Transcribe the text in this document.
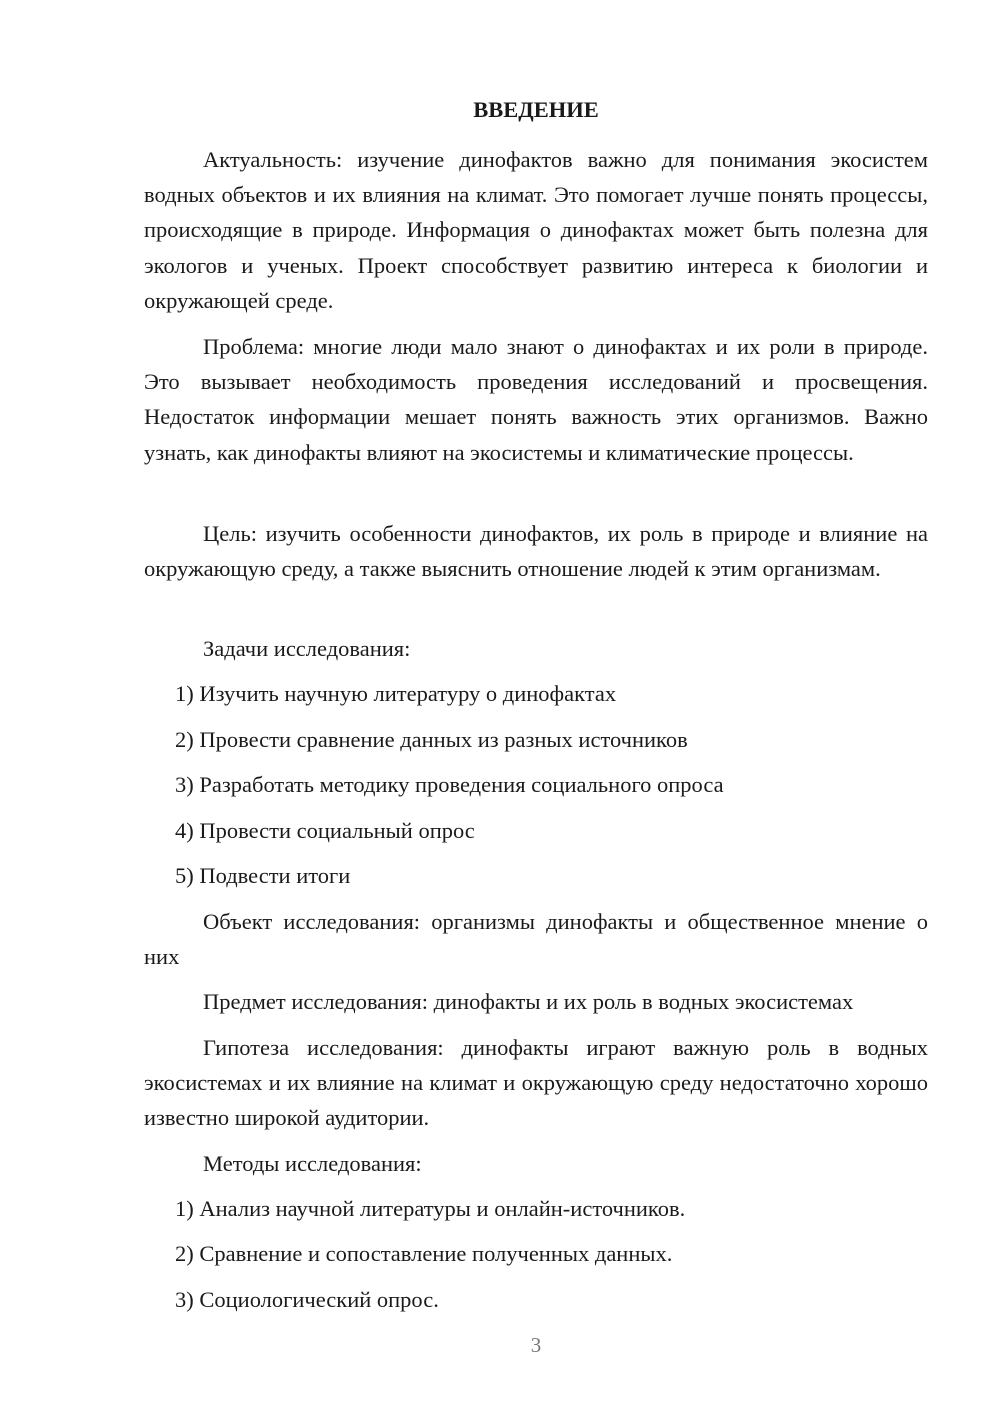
ВВЕДЕНИЕ

Актуальность: изучение динофактов важно для понимания экосистем водных объектов и их влияния на климат. Это помогает лучше понять процессы, происходящие в природе. Информация о динофактах может быть полезна для экологов и ученых. Проект способствует развитию интереса к биологии и окружающей среде.

Проблема: многие люди мало знают о динофактах и их роли в природе. Это вызывает необходимость проведения исследований и просвещения. Недостаток информации мешает понять важность этих организмов. Важно узнать, как динофакты влияют на экосистемы и климатические процессы.

Цель: изучить особенности динофактов, их роль в природе и влияние на окружающую среду, а также выяснить отношение людей к этим организмам.

Задачи исследования:

1) Изучить научную литературу о динофактах

2) Провести сравнение данных из разных источников

3) Разработать методику проведения социального опроса

4) Провести социальный опрос

5) Подвести итоги

Объект исследования: организмы динофакты и общественное мнение о них

Предмет исследования: динофакты и их роль в водных экосистемах

Гипотеза исследования: динофакты играют важную роль в водных экосистемах и их влияние на климат и окружающую среду недостаточно хорошо известно широкой аудитории.

Методы исследования:

1) Анализ научной литературы и онлайн-источников.

2) Сравнение и сопоставление полученных данных.

3) Социологический опрос.

3
